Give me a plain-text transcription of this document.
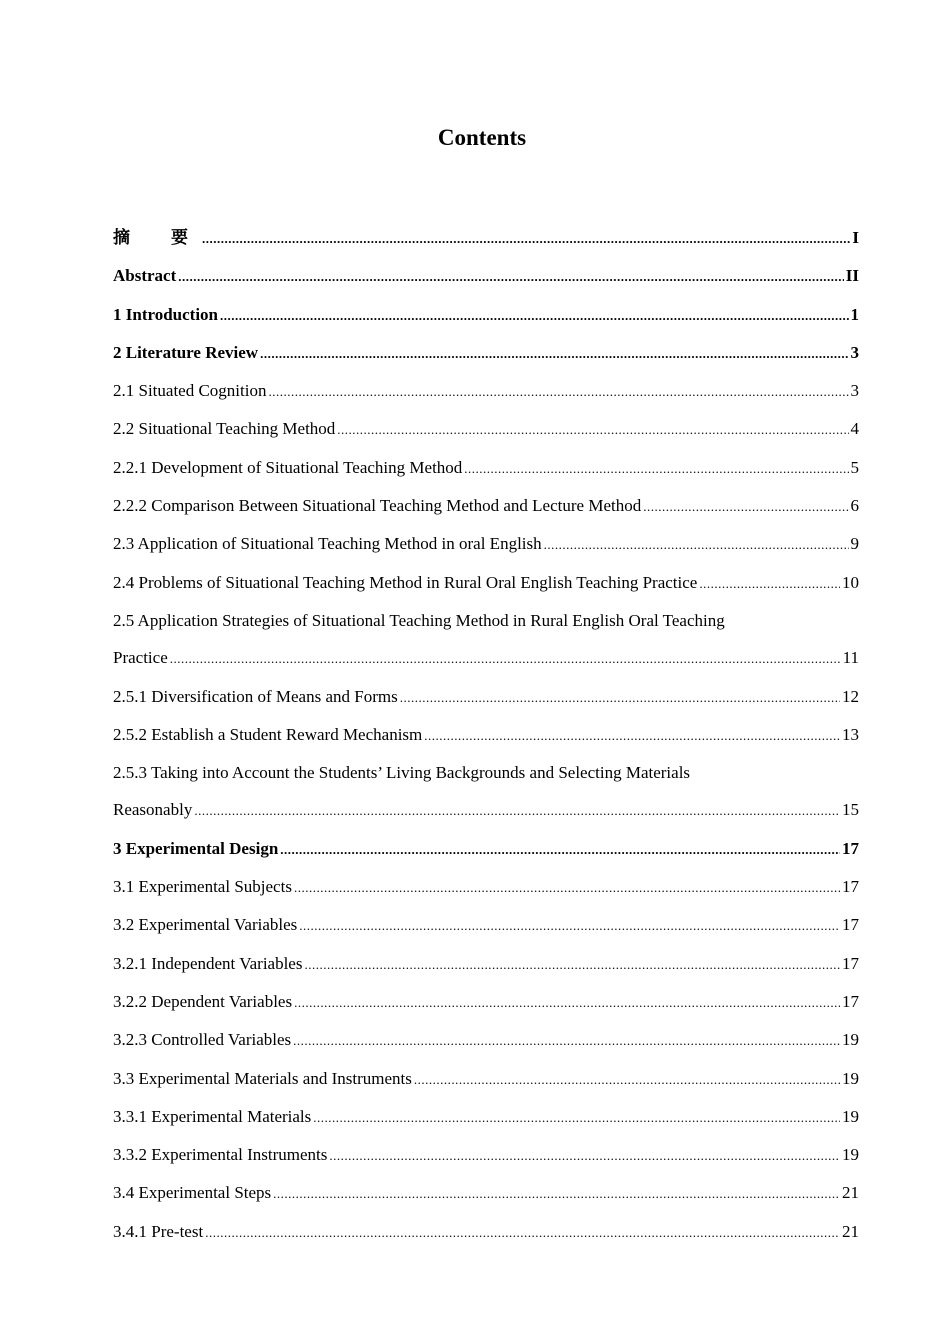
Contents
摘　要 .....	I
Abstract .....	II
1 Introduction .....	1
2 Literature Review .....	3
2.1 Situated Cognition .....	3
2.2 Situational Teaching Method .....	4
2.2.1 Development of Situational Teaching Method .....	5
2.2.2 Comparison Between Situational Teaching Method and Lecture Method .....	6
2.3 Application of Situational Teaching Method in oral English .....	9
2.4 Problems of Situational Teaching Method in Rural Oral English Teaching Practice .....	10
2.5 Application Strategies of Situational Teaching Method in Rural English Oral Teaching
Practice .....	11
2.5.1 Diversification of Means and Forms .....	12
2.5.2 Establish a Student Reward Mechanism .....	13
2.5.3 Taking into Account the Students’ Living Backgrounds and Selecting Materials
Reasonably .....	15
3 Experimental Design .....	17
3.1 Experimental Subjects .....	17
3.2 Experimental Variables .....	17
3.2.1 Independent Variables .....	17
3.2.2 Dependent Variables .....	17
3.2.3 Controlled Variables .....	19
3.3 Experimental Materials and Instruments .....	19
3.3.1 Experimental Materials .....	19
3.3.2 Experimental Instruments .....	19
3.4 Experimental Steps .....	21
3.4.1 Pre-test .....	21
